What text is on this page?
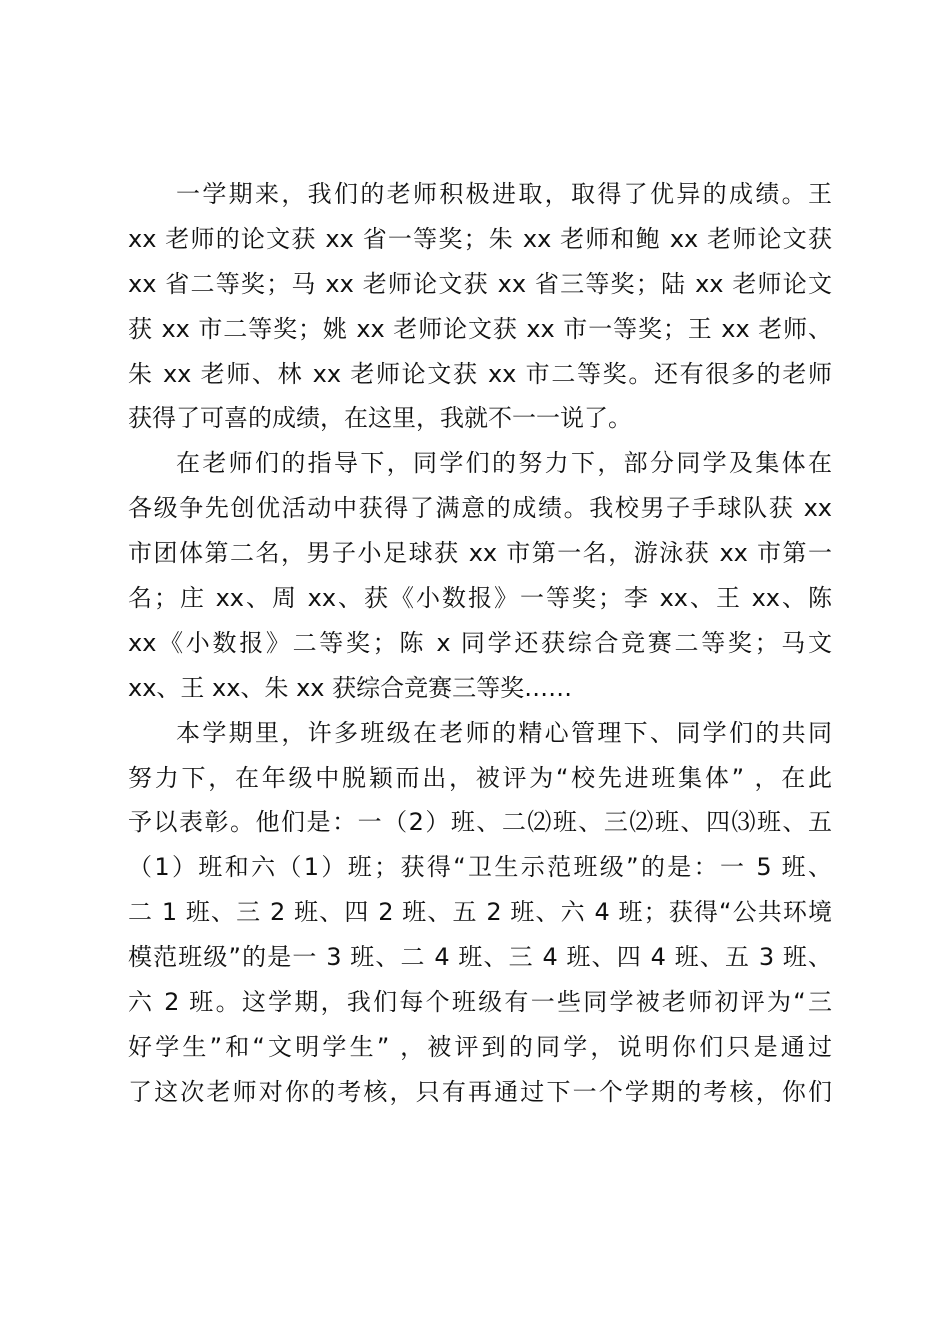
一学期来，我们的老师积极进取，取得了优异的成绩。王
xx 老师的论文获 xx 省一等奖；朱 xx 老师和鲍 xx 老师论文获
xx 省二等奖；马 xx 老师论文获 xx 省三等奖；陆 xx 老师论文
获 xx 市二等奖；姚 xx 老师论文获 xx 市一等奖；王 xx 老师、
朱 xx 老师、林 xx 老师论文获 xx 市二等奖。还有很多的老师
获得了可喜的成绩，在这里，我就不一一说了。
在老师们的指导下，同学们的努力下，部分同学及集体在
各级争先创优活动中获得了满意的成绩。我校男子手球队获 xx
市团体第二名，男子小足球获 xx 市第一名，游泳获 xx 市第一
名；庄 xx、周 xx、获《小数报》一等奖；李 xx、王 xx、陈
xx《小数报》二等奖；陈 x 同学还获综合竞赛二等奖；马文
xx、王 xx、朱 xx 获综合竞赛三等奖……
本学期里，许多班级在老师的精心管理下、同学们的共同
努力下，在年级中脱颖而出，被评为“校先进班集体” ，在此
予以表彰。他们是：一（2）班、二⑵班、三⑵班、四⑶班、五
（1）班和六（1）班；获得“卫生示范班级”的是：一 5 班、
二 1 班、三 2 班、四 2 班、五 2 班、六 4 班；获得“公共环境
模范班级”的是一 3 班、二 4 班、三 4 班、四 4 班、五 3 班、
六 2 班。这学期，我们每个班级有一些同学被老师初评为“三
好学生”和“文明学生” ，被评到的同学，说明你们只是通过
了这次老师对你的考核，只有再通过下一个学期的考核，你们
